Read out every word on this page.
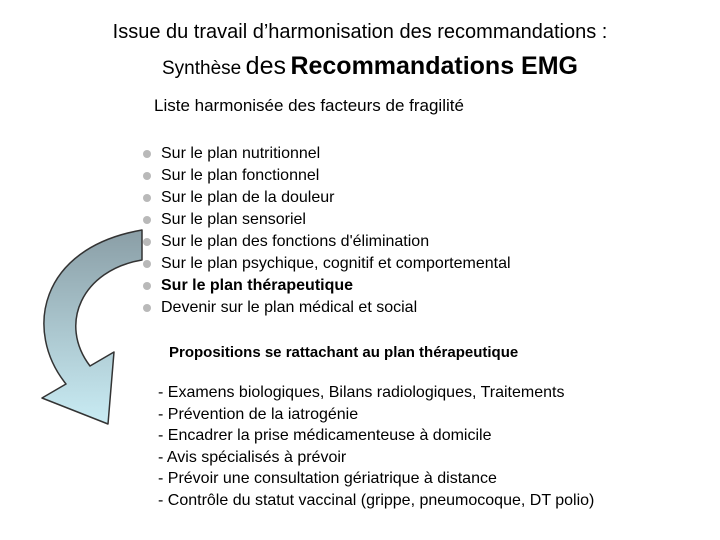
Issue du travail d’harmonisation des recommandations :
Synthèse des Recommandations EMG
Liste harmonisée des facteurs de fragilité
Sur le plan nutritionnel
Sur le plan fonctionnel
Sur le plan de la douleur
Sur le plan sensoriel
Sur le plan des fonctions d'élimination
Sur le plan psychique, cognitif et comportemental
Sur le plan thérapeutique
Devenir sur le plan médical et social
Propositions se rattachant au plan thérapeutique
- Examens biologiques, Bilans radiologiques, Traitements
- Prévention de la iatrogénie
- Encadrer la prise médicamenteuse à domicile
- Avis spécialisés à prévoir
- Prévoir une consultation gériatrique à distance
- Contrôle du statut vaccinal (grippe, pneumocoque, DT polio)
